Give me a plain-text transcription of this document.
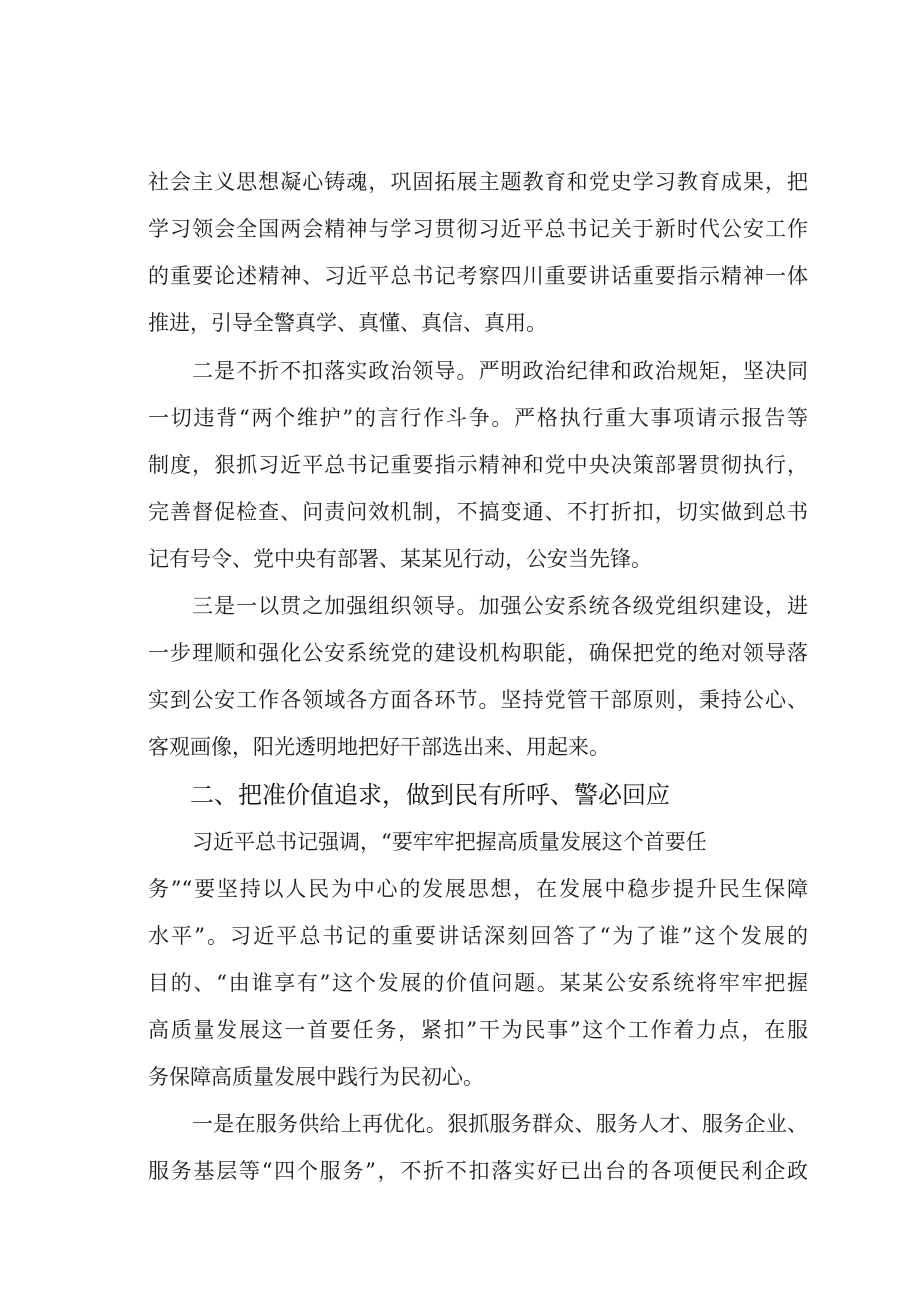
社会主义思想凝心铸魂，巩固拓展主题教育和党史学习教育成果，把
学习领会全国两会精神与学习贯彻习近平总书记关于新时代公安工作
的重要论述精神、习近平总书记考察四川重要讲话重要指示精神一体
推进，引导全警真学、真懂、真信、真用。
二是不折不扣落实政治领导。严明政治纪律和政治规矩，坚决同
一切违背“两个维护”的言行作斗争。严格执行重大事项请示报告等
制度，狠抓习近平总书记重要指示精神和党中央决策部署贯彻执行，
完善督促检查、问责问效机制，不搞变通、不打折扣，切实做到总书
记有号令、党中央有部署、某某见行动，公安当先锋。
三是一以贯之加强组织领导。加强公安系统各级党组织建设，进
一步理顺和强化公安系统党的建设机构职能，确保把党的绝对领导落
实到公安工作各领域各方面各环节。坚持党管干部原则，秉持公心、
客观画像，阳光透明地把好干部选出来、用起来。
二、把准价值追求，做到民有所呼、警必回应
习近平总书记强调，“要牢牢把握高质量发展这个首要任
务”“要坚持以人民为中心的发展思想，在发展中稳步提升民生保障
水平”。习近平总书记的重要讲话深刻回答了“为了谁”这个发展的
目的、“由谁享有”这个发展的价值问题。某某公安系统将牢牢把握
高质量发展这一首要任务，紧扣”干为民事”这个工作着力点，在服
务保障高质量发展中践行为民初心。
一是在服务供给上再优化。狠抓服务群众、服务人才、服务企业、
服务基层等“四个服务”，不折不扣落实好已出台的各项便民利企政
